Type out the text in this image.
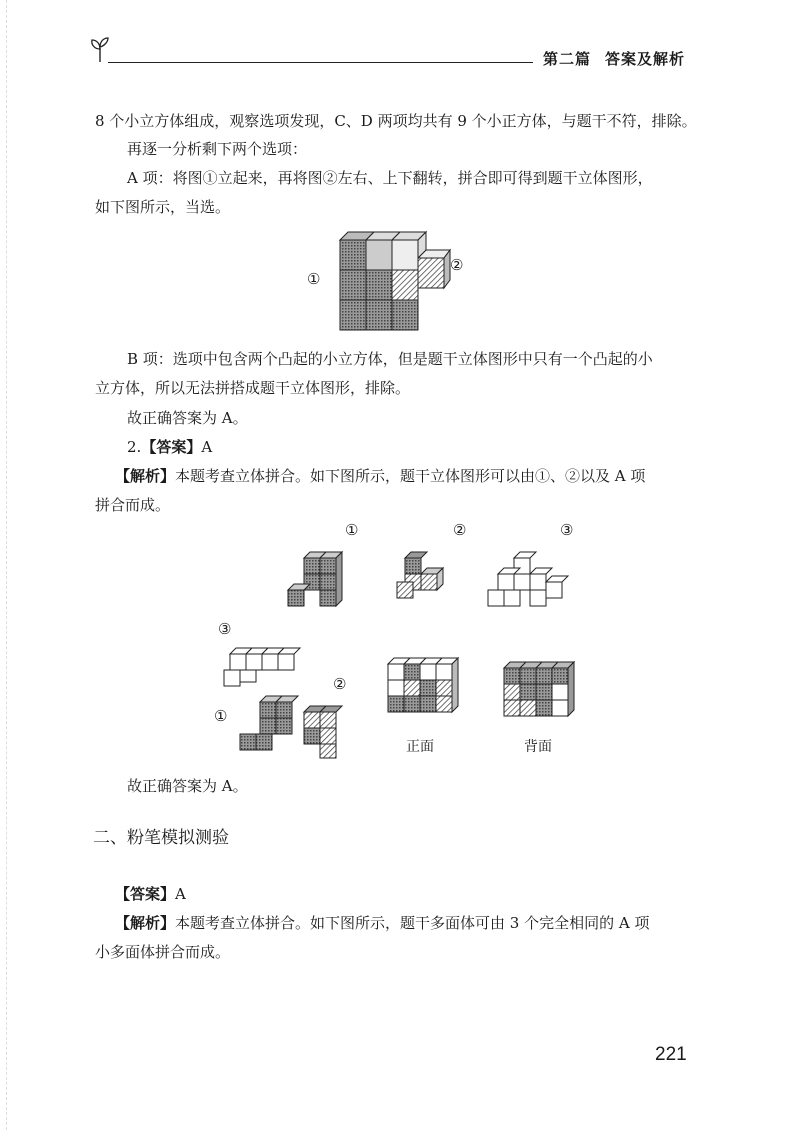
第二篇 答案及解析
8 个小立方体组成，观察选项发现，C、D 两项均共有 9 个小正方体，与题干不符，排除。
再逐一分析剩下两个选项：
A 项：将图①立起来，再将图②左右、上下翻转，拼合即可得到题干立体图形，
如下图所示，当选。
①
②
B 项：选项中包含两个凸起的小立方体，但是题干立体图形中只有一个凸起的小
立方体，所以无法拼搭成题干立体图形，排除。
故正确答案为 A。
2.【答案】A
【解析】本题考查立体拼合。如下图所示，题干立体图形可以由①、②以及 A 项
拼合而成。
①	②	③
③
②
①
正面	背面
故正确答案为 A。
二、粉笔模拟测验
【答案】A
【解析】本题考查立体拼合。如下图所示，题干多面体可由 3 个完全相同的 A 项
小多面体拼合而成。
221
